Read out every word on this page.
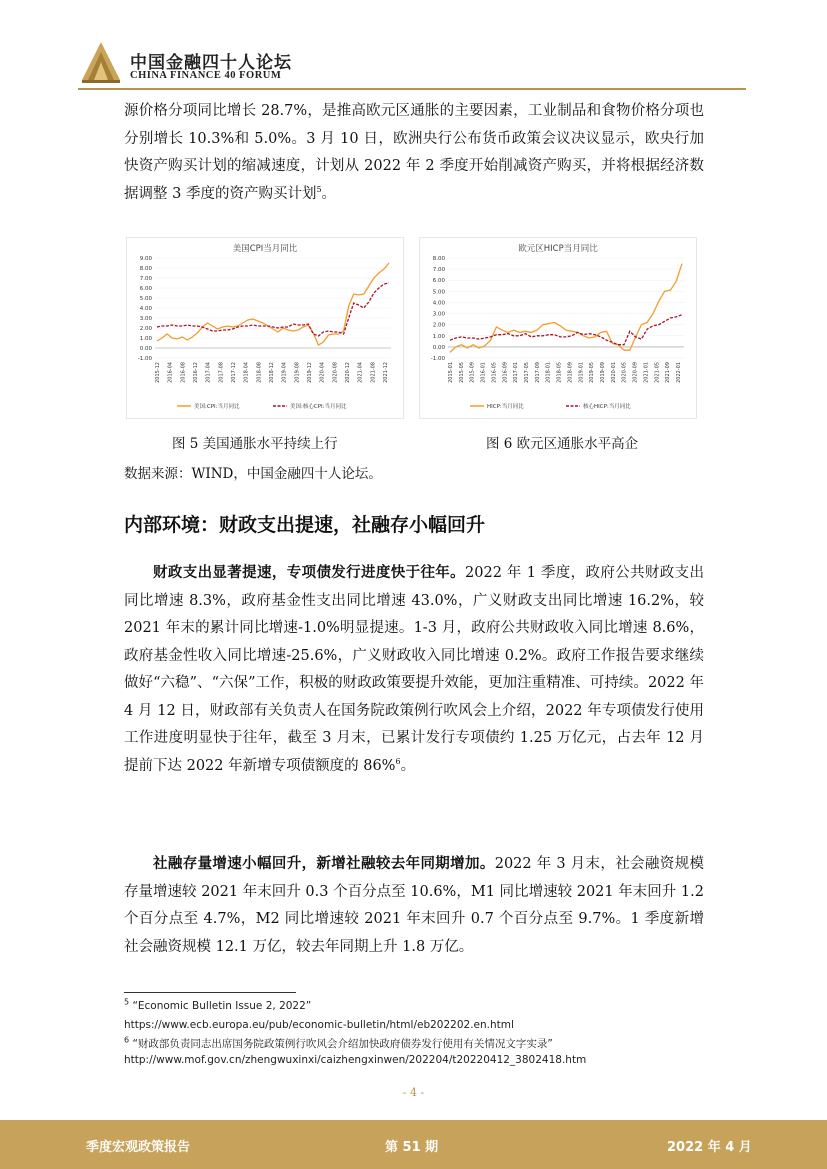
中国金融四十人论坛
CHINA FINANCE 40 FORUM

源价格分项同比增长 28.7%，是推高欧元区通胀的主要因素，工业制品和食物价格分项也分别增长 10.3%和 5.0%。3 月 10 日，欧洲央行公布货币政策会议决议显示，欧央行加快资产购买计划的缩减速度，计划从 2022 年 2 季度开始削减资产购买，并将根据经济数据调整 3 季度的资产购买计划$^5$。

美国CPI当月同比
9.00
8.00
7.00
6.00
5.00
4.00
3.00
2.00
1.00
0.00
-1.00
2015-12 2016-04 2016-08 2016-12 2017-04 2017-08 2017-12 2018-04 2018-08 2018-12 2019-04 2019-08 2019-12 2020-04 2020-08 2020-12 2021-04 2021-08 2021-12
美国:CPI:当月同比	美国:核心CPI:当月同比
欧元区HICP当月同比
8.00
7.00
6.00
5.00
4.00
3.00
2.00
1.00
0.00
-1.00
2015-01 2015-05 2015-09 2016-01 2016-05 2016-09 2017-01 2017-05 2017-09 2018-01 2018-05 2018-09 2019-01 2019-05 2019-09 2020-01 2020-05 2020-09 2021-01 2021-05 2021-09 2022-01
HICP:当月同比	核心HICP:当月同比
图 5 美国通胀水平持续上行	图 6 欧元区通胀水平高企
数据来源：WIND，中国金融四十人论坛。
内部环境：财政支出提速，社融存小幅回升

财政支出显著提速，专项债发行进度快于往年。2022 年 1 季度，政府公共财政支出同比增速 8.3%，政府基金性支出同比增速 43.0%，广义财政支出同比增速 16.2%，较 2021 年末的累计同比增速-1.0%明显提速。1-3 月，政府公共财政收入同比增速 8.6%，政府基金性收入同比增速-25.6%，广义财政收入同比增速 0.2%。政府工作报告要求继续做好“六稳”、“六保”工作，积极的财政政策要提升效能，更加注重精准、可持续。2022 年 4 月 12 日，财政部有关负责人在国务院政策例行吹风会上介绍，2022 年专项债发行使用工作进度明显快于往年，截至 3 月末，已累计发行专项债约 1.25 万亿元，占去年 12 月提前下达 2022 年新增专项债额度的 86%$^6$。

社融存量增速小幅回升，新增社融较去年同期增加。2022 年 3 月末，社会融资规模存量增速较 2021 年末回升 0.3 个百分点至 10.6%，M1 同比增速较 2021 年末回升 1.2 个百分点至 4.7%，M2 同比增速较 2021 年末回升 0.7 个百分点至 9.7%。1 季度新增社会融资规模 12.1 万亿，较去年同期上升 1.8 万亿。

$^5$ “Economic Bulletin Issue 2, 2022”
https://www.ecb.europa.eu/pub/economic-bulletin/html/eb202202.en.html
$^6$ “财政部负责同志出席国务院政策例行吹风会介绍加快政府债券发行使用有关情况文字实录”
http://www.mof.gov.cn/zhengwuxinxi/caizhengxinwen/202204/t20220412_3802418.htm
- 4 -
季度宏观政策报告	第 51 期	2022 年 4 月
